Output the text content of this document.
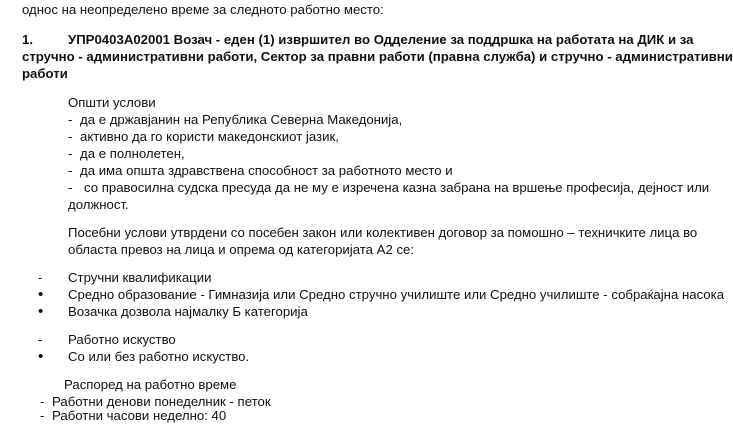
однос на неопределено време за следното работно место:
1.	УПР0403А02001 Возач - еден (1) извршител во Одделение за поддршка на работата на ДИК и за
стручно - административни работи, Сектор за правни работи (правна служба) и стручно - административни
работи
Општи услови
- да е државјанин на Република Северна Македонија,
- активно да го користи македонскиот јазик,
- да е полнолетен,
- да има општа здравствена способност за работното место и
- со правосилна судска пресуда да не му е изречена казна забрана на вршење професија, дејност или
должност.
Посебни услови утврдени со посебен закон или колективен договор за помошно – техничките лица во
областа превоз на лица и опрема од категоријата А2 се:
- Стручни квалификации
• Средно образование - Гимназија или Средно стручно училиште или Средно училиште - собраќајна насока
• Возачка дозвола најмалку Б категорија
- Работно искуство
• Со или без работно искуство.
Распоред на работно време
- Работни денови понеделник - петок
- Работни часови неделно: 40
